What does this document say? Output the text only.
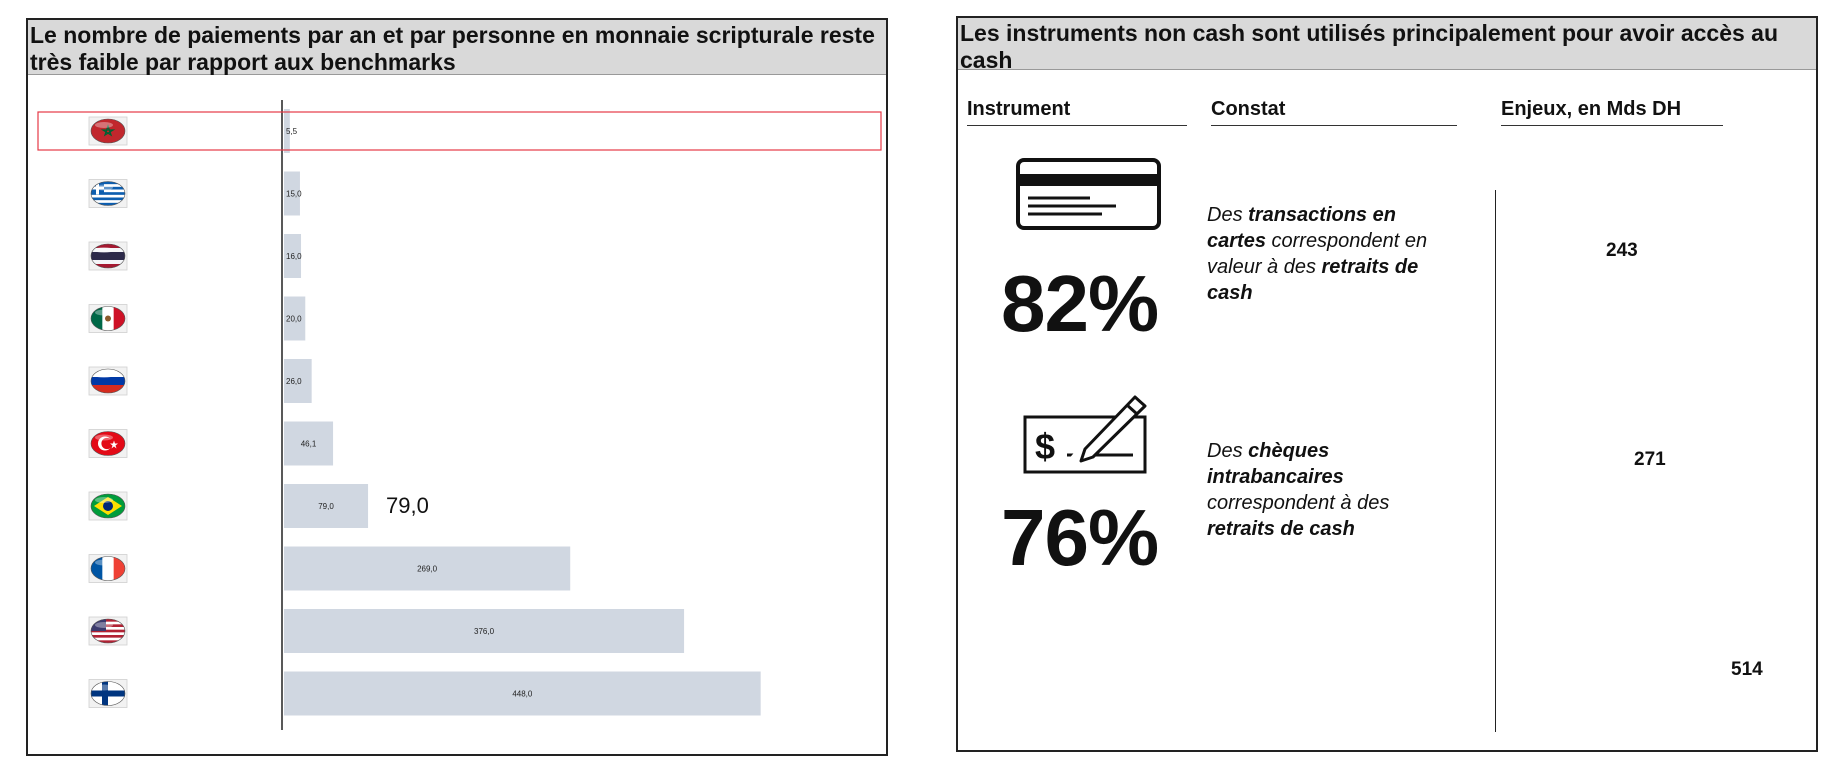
Le nombre de paiements par an et par personne en monnaie scripturale reste très faible par rapport aux benchmarks
5,5
15,0
16,0
20,0
26,0
46,1
79,0
269,0
376,0
448,0
79,0
Les instruments non cash sont utilisés principalement pour avoir accès au cash
Instrument	Constat	Enjeux, en Mds DH
82%
Des transactions en cartes correspondent en valeur à des retraits de cash
243
$
76%
Des chèques intrabancaires correspondent à des retraits de cash
271
514
